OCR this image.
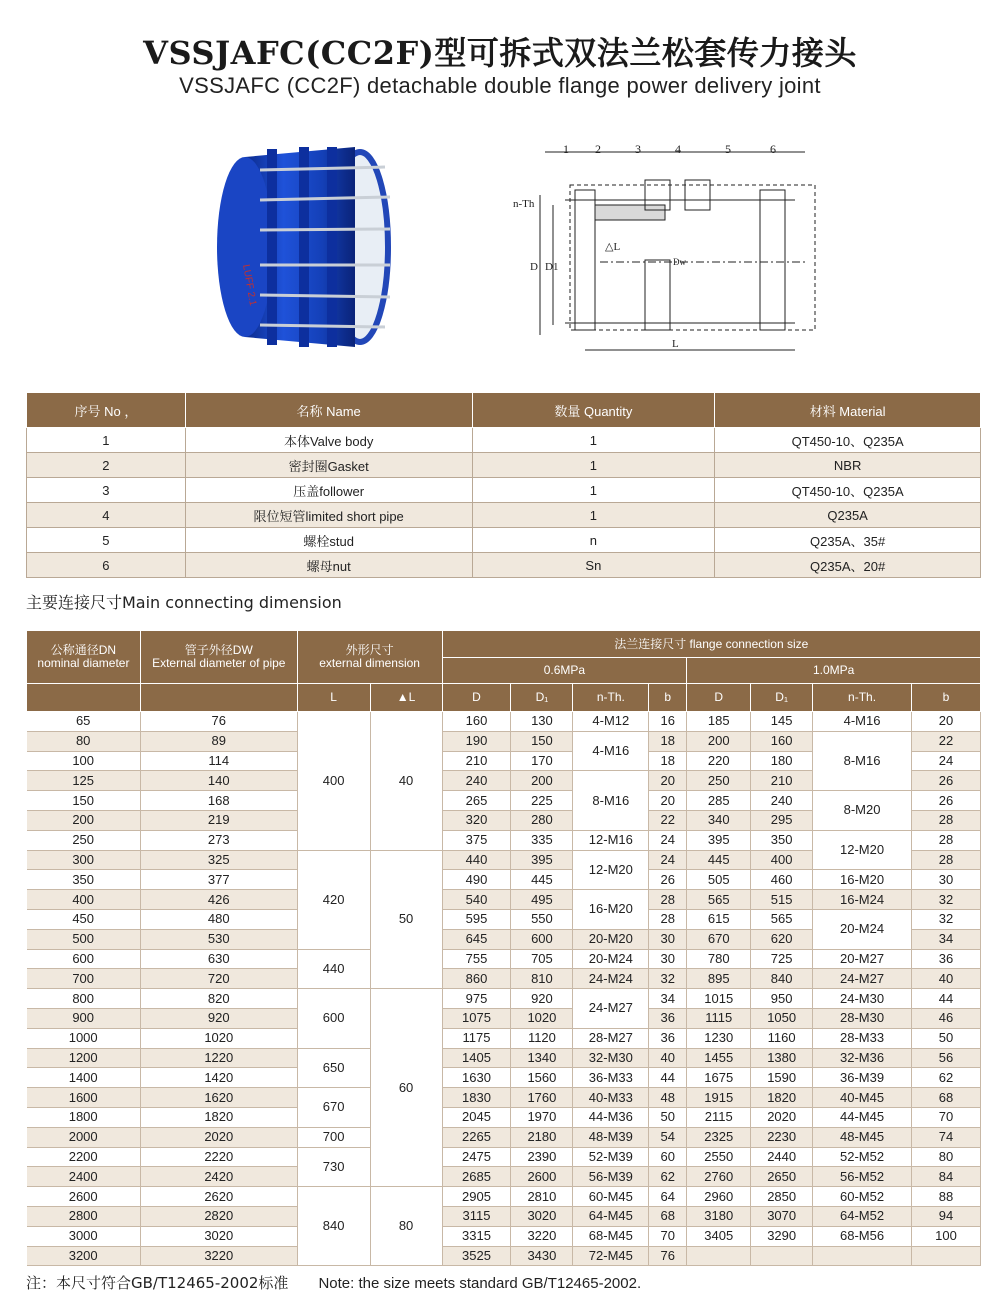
VSSJAFC(CC2F)型可拆式双法兰松套传力接头
VSSJAFC (CC2F) detachable double flange power delivery joint
LUFF 2.1
1 2	3	4	5	6
n-Th
D D1	Dw
△L
L
序号 No ，	名称 Name	数量 Quantity	材料 Material
1	本体Valve body	1	QT450-10、Q235A
2	密封圈Gasket	1	NBR
3	压盖follower	1	QT450-10、Q235A
4	限位短管limited short pipe	1	Q235A
5	螺栓stud	n	Q235A、35#
6	螺母nut	Sn	Q235A、20#
主要连接尺寸Main connecting dimension
公称通径DN
nominal diameter	管子外径DW
External diameter of pipe	外形尺寸
external dimension		法兰连接尺寸 flange connection size							
				0.6MPa				1.0MPa			
		L	▲L	D	D₁	n-Th.	b	D	D₁	n-Th.	b
65	76	400	40	160	130	4-M12	16	185	145	4-M16	20
80	89			190	150	4-M16	18	200	160	8-M16	22
100	114			210	170		18	220	180		24
125	140			240	200	8-M16	20	250	210		26
150	168			265	225		20	285	240	8-M20	26
200	219			320	280		22	340	295		28
250	273			375	335	12-M16	24	395	350	12-M20	28
300	325	420	50	440	395	12-M20	24	445	400		28
350	377			490	445		26	505	460	16-M20	30
400	426			540	495	16-M20	28	565	515	16-M24	32
450	480			595	550		28	615	565	20-M24	32
500	530			645	600	20-M20	30	670	620		34
600	630	440		755	705	20-M24	30	780	725	20-M27	36
700	720			860	810	24-M24	32	895	840	24-M27	40
800	820	600	60	975	920	24-M27	34	1015	950	24-M30	44
900	920			1075	1020		36	1115	1050	28-M30	46
1000	1020			1175	1120	28-M27	36	1230	1160	28-M33	50
1200	1220	650		1405	1340	32-M30	40	1455	1380	32-M36	56
1400	1420			1630	1560	36-M33	44	1675	1590	36-M39	62
1600	1620	670		1830	1760	40-M33	48	1915	1820	40-M45	68
1800	1820			2045	1970	44-M36	50	2115	2020	44-M45	70
2000	2020	700		2265	2180	48-M39	54	2325	2230	48-M45	74
2200	2220	730		2475	2390	52-M39	60	2550	2440	52-M52	80
2400	2420			2685	2600	56-M39	62	2760	2650	56-M52	84
2600	2620	840	80	2905	2810	60-M45	64	2960	2850	60-M52	88
2800	2820			3115	3020	64-M45	68	3180	3070	64-M52	94
3000	3020			3315	3220	68-M45	70	3405	3290	68-M56	100
3200	3220			3525	3430	72-M45	76				
注：本尺寸符合GB/T12465-2002标准 Note: the size meets standard GB/T12465-2002.
